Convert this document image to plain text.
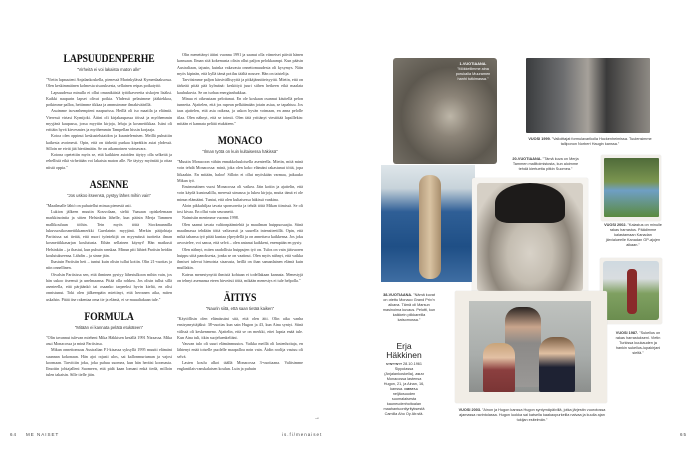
LAPSUUDENPERHE
"Virheitä ei voi lakaista maton alle"

"Vietin lapsuuteni Anjalankoskella, pienessä Marinkylässä Kymenlaaksossa. Olen keskimmäinen kolmesta sisaruksesta, sellainen reipas poikatyttö.

Lapsuudessa minulla ei ollut omanikäisiä tyttökavereita siskojen lisäksi. Kaikki naapurin lapset olivat poikia. Yhdessä pelasimme jääkiekkoa, potkimme palloa, heitimme tikkaa ja ammuimme ilmakiväärillä.

Asuimme isovanhempieni naapurissa. Heillä oli iso maatila ja eläimiä. Vieressä virtasi Kymijoki. Äitini oli kirjakaupassa töissä ja myöhemmin myyjänä kaupassa, jossa myytiin kirjoja, leluja ja kosmetiikkaa. Isäni oli erittäin hyvä kirvesmies ja myöhemmin Tampellan hissin korjaaja.

Kotoa olen oppinut keskustelutaidon ja kuuntelemisen. Meillä puhuttiin kaikesta avoimesti. Opin, että on tärkeää purkaa kipeätkin asiat yhdessä. Silloin ne eivät jää hiertämään. Se on aikamoinen voimavara.

Kotona opetettiin myös se, että kaikkien asioiden täytyy olla selkeitä ja rehellisiä eikä virheitään voi lakaista maton alle. Ne täytyy myöntää ja ottaa niistä oppia."

ASENNE
"Jos uskoo itseensä, pystyy lähes mihin vain"

"Maailmalle lähtö on puhutellut minua pienestä asti.

Lukion jälkeen muutin Kouvolaan, sieltä Vaasaan opiskelemaan markkinointia ja sitten Helsinkiin lähelle, kun pääsin Merja Tammen mallikouluun töihin. Tein myös töitä Stockmannilla lukuvuosikosmetiikkamerkki Guerlainin myyjänä. Merkin pääjohtaja Pariisissa sai tietää, että nuori työntekijä on myymässä tuotteita ilman kosmetiikkasarjan koulutusta. Eihän sellainen käynyt! Hän matkusti Helsinkiin – ja ihastui, kun puhuin ranskaa. Minun piti lähteä Pariisin heidän koulutukseensa. Lähdin – ja sinne jäin.

Ihastuin Pariisiin heti – tuntui kuin olisin tullut kotiin. Olin 21-vuotias ja niin onnellinen.

Oivalsin Pariisissa sen, että ihminen pystyy lähestulkoon mihin vain, jos hän uskoo itseensä ja unelmaansa. Pitää olla rohkea. Jos olisin tullut sillä asenteella, että pärjäänkö tai osaanko tarpeeksi hyvin kieltä, en olisi onnistunut. Toki olen jälkeenpäin miettinyt, että herranen aika, miten uskalsin. Pitää itse rakentaa oma tie ja elämä, ei se muualtakaan tule."

FORMULA
"Mitään ei kannata pelätä etukäteen"

"Olin tavannut tulevan mieheni Mika Häkkisen kesällä 1991 Nizzassa. Mika asui Monacossa ja minä Pariisissa.

Mikan onnettomuus Australian F1-kisassa syksyllä 1995 muutti elämäni suunnan kokonaan. Hän ajoi rajusti ulos, sai kallonmurtuman ja vajosi koomaan. Tarvittiin joku, joka puhuu suomea, kun hän heräisi koomasta. Ilmoitin johtajalleni Suomeen, että pidä kaan lomani enkä tiedä, milloin tulen takaisin. Sille tielle jäin.

Olin menettänyt äitini vuonna 1991 ja saanut olla viimeiset päivät hänen kanssaan. Ilman sitä kokemusta olisin ollut paljon pelokkaampi. Kun pääsin Australiaan, tajusin, kuinka vakavasta onnettomuudesta oli kysymys. Näin myös kipinän, että kyllä tämä potilas täältä nousee. Hän on taistelija.

Tarvitsimme paljon kärsivällisyyttä ja pitkäjännitteisyyttä. Mietin, että on tärkeää pitää pää kylmänä: keskittyä juuri siihen hetkeen eikä maalata kauhukuvia. Se on turhaa energianhukkaa.

Minua ei oikeastaan pelottanut. En ole koskaan osannut käsitellä pelon tunnetta. Ajattelen, että jos rupean pelkäämään jotain asiaa, se tapahtuu. Jos taas ajattelen, että asia ratkeaa, ja uskon hyvän voimaan, en anna pelolle tilaa. Olen nähnyt, että se toimii. Olen tätä yrittänyt viestittää lapsillekin: mitään ei kannata pelätä etukäteen."

MONACO
"Ilman työtä on kuin kultaisessa häkissä"

"Muutin Monacoon vähän ennakkoluuloisella asenteella. Mietin, mitä minä voin tehdä Monacossa: minä, joka olen koko elämäni rakastanut töitä, jopa liikaakin. En mitään, haloo! Silloin ei ollut myöskään varmaa, jatkuuko Mikan työ.

Ensimmäinen vuosi Monacossa oli vaikea. Jäin kotiin ja ajattelin, että voin käydä kuntosalilla, meressä uimassa ja lukea kirjoja, mutta tämä ei ole minun elämääni. Tuntui, että olen kultaisessa häkissä vankina.

Aloin pikkuhiljaa tavata sponsoreita ja tehdä töitä Mikan tiimissä. Se oli tosi kivaa. En ollut vain seuraneiti.

Naimisiin menimme vuonna 1998.

Olen saanut tavata valtionpäämiehiä ja maailman huippuosaajia. Siinä maailmassa tehdään töitä valtavasti ja suurella intensiteetillä. Opin, että mikä tahansa työ pitää kuntaa ylpeydellä ja on annettava kaikkensa. Jos joku arvostelee, voi sanoa, että selvä – olen antanut kaikkeni, enempään en pysty.

Olen nähnyt, miten raadollista huippujen työ on. Tulos on vain jäävuoren huippu siitä panoksesta, jonka se on vaatinut. Olen myös nähnyt, että vaikka ihmiset tulevat hienoista sisarusta, heillä on ihan samanlainen elämä kuin muillakin.

Kateus menestynyttä ihmistä kohtaan ei todellakaan kannata. Menestyjä on tehnyt asemansa eteen hirveästi töitä, mikään menestys ei tule helpolla."

ÄITIYS
"Naurin siitä, että saan tietää kaiken"

"Käytöllisin olen elämässäni sitä, että olen äiti. Olin aika vanha ensisynnyttäjäksi: 38-vuotias kun sain Hugon ja 43, kun Aina syntyi. Siinä välissä oli keskenmeno. Ajattelin, että se on merkki, ettei lapsia enää tule. Kun Aina tuli, itkin suojeluenkeliäni.

Vauvan tulo oli suuri elämänmuutos. Vaikka meillä oli lastenhoitaja, en lähtenyt enää toiselle puolelle maapalloa noin vain. Äidin roolija vastuu oli selvä.

Lasten koulu alkoi täällä Monacossa 3-vuotiaana. Valitsimme englantilais-ranskalaisen koulun. Luin ja puhuin

64 ME NAISET	is.fi/menaiset
→
1-VUOTIAANA. "Mökkeilimme aina porukalla Muuramen hanhi tutkimassa."
VUOSI 1999. "Valloittajat formulavarikolla Hockenheimissa. Tuulensimme talliponon Norbert Haugin kanssa."
20-VUOTIAANA. "Tämä kuva on Merja Tammen mallitoimistosta, kun aloimme tehdä kiertuetta pitkin Suomea."
VUOSI 2002. "Kalastus on minulle rakas harrastus. Päädimme kalastamaan Kanadan järvialueelle Kanadan GP-ajojen aikaan."
38-VUOTIAANA. "Nämä kuvat on otettu Monaco Grand Prix'n aikana. Tämä oli Marsun masinoima kuvaus. Pelotti, kun kaikkein piikkareilla katsomossa."
VUOSI 1987. "Sukellus on rakas harrastukseni. Vietin Turkissa kuukauden ja hankin sukellus-lupakirjani sieltä."
VUOSI 2003. "Ainon ja Hugon kanssa Hugon syntymäpäivillä, jotka järjestin vuorotossa ajamassa ravintolassa. Hugon luokka sai katsella kaakaopurkeilla naivaa ja kuulla ajan tukijan esitelmän."
Erja
Häkkinen
SYNTYNYT 28.10.1961 Sippolassa (Anjalankoskella), ASUU Monacossa lastensa Hugon, 21, ja Ainan, 16, kanssa. OMISTAA neljäosuuden suomalaisesta kauneudenhoitoalan maahantuontiyrityksestä Camilla Aho Oy Ab:stä.
65
